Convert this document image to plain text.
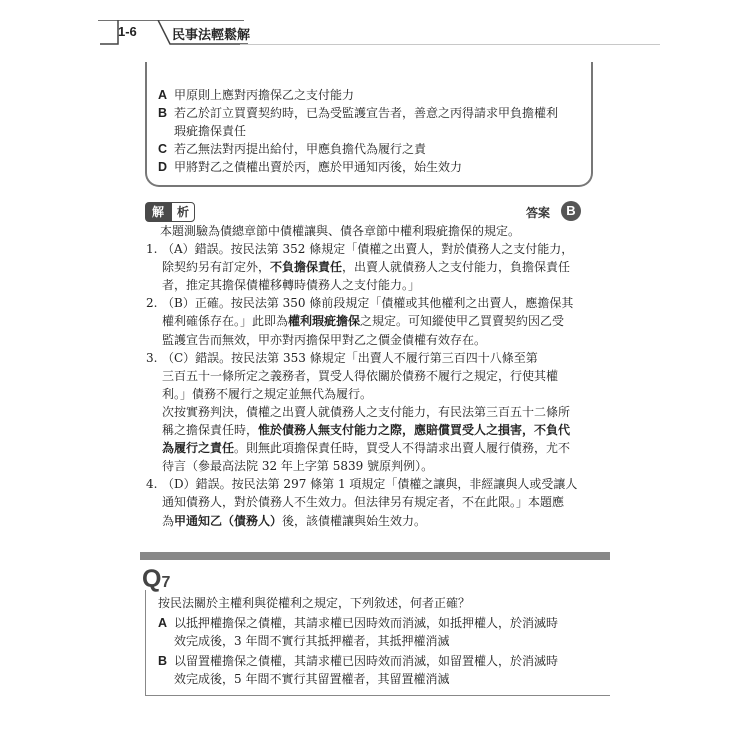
1-6	民事法輕鬆解
A 甲原則上應對丙擔保乙之支付能力
B 若乙於訂立買賣契約時，已為受監護宣告者，善意之丙得請求甲負擔權利
瑕疵擔保責任
C 若乙無法對丙提出給付，甲應負擔代為履行之責
D 甲將對乙之債權出賣於丙，應於甲通知丙後，始生效力
解	析	答案	B
本題測驗為債總章節中債權讓與、債各章節中權利瑕疵擔保的規定。
1. （A）錯誤。按民法第 352 條規定「債權之出賣人，對於債務人之支付能力，
除契約另有訂定外，不負擔保責任，出賣人就債務人之支付能力，負擔保責任
者，推定其擔保債權移轉時債務人之支付能力。」
2. （B）正確。按民法第 350 條前段規定「債權或其他權利之出賣人，應擔保其
權利確係存在。」此即為權利瑕疵擔保之規定。可知縱使甲乙買賣契約因乙受
監護宣告而無效，甲亦對丙擔保甲對乙之價金債權有效存在。
3. （C）錯誤。按民法第 353 條規定「出賣人不履行第三百四十八條至第
三百五十一條所定之義務者，買受人得依關於債務不履行之規定，行使其權
利。」債務不履行之規定並無代為履行。
次按實務判決，債權之出賣人就債務人之支付能力，有民法第三百五十二條所
稱之擔保責任時，惟於債務人無支付能力之際，應賠償買受人之損害，不負代
為履行之責任。則無此項擔保責任時，買受人不得請求出賣人履行債務，尤不
待言（參最高法院 32 年上字第 5839 號原判例）。
4. （D）錯誤。按民法第 297 條第 1 項規定「債權之讓與，非經讓與人或受讓人
通知債務人，對於債務人不生效力。但法律另有規定者，不在此限。」本題應
為甲通知乙（債務人）後，該債權讓與始生效力。
Q7
按民法關於主權利與從權利之規定，下列敘述，何者正確？
A 以抵押權擔保之債權，其請求權已因時效而消滅，如抵押權人，於消滅時
效完成後，3 年間不實行其抵押權者，其抵押權消滅
B 以留置權擔保之債權，其請求權已因時效而消滅，如留置權人，於消滅時
效完成後，5 年間不實行其留置權者，其留置權消滅
